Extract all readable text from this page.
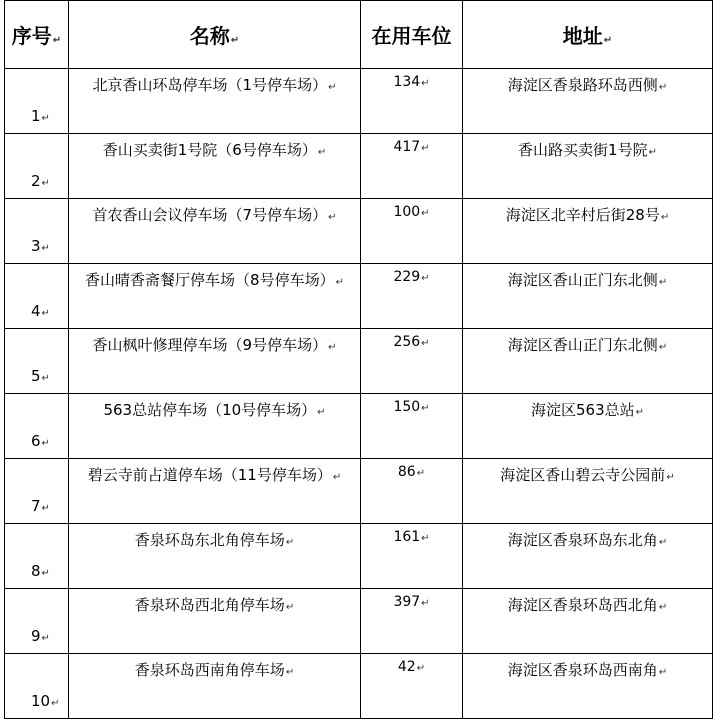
序号↵	名称↵	在用车位	地址↵
1↵	北京香山环岛停车场（1号停车场）↵	134↵	海淀区香泉路环岛西侧↵
2↵	香山买卖街1号院（6号停车场）↵	417↵	香山路买卖街1号院↵
3↵	首农香山会议停车场（7号停车场）↵	100↵	海淀区北辛村后街28号↵
4↵	香山晴香斋餐厅停车场（8号停车场）↵	229↵	海淀区香山正门东北侧↵
5↵	香山枫叶修理停车场（9号停车场）↵	256↵	海淀区香山正门东北侧↵
6↵	563总站停车场（10号停车场）↵	150↵	海淀区563总站↵
7↵	碧云寺前占道停车场（11号停车场）↵	86↵	海淀区香山碧云寺公园前↵
8↵	香泉环岛东北角停车场↵	161↵	海淀区香泉环岛东北角↵
9↵	香泉环岛西北角停车场↵	397↵	海淀区香泉环岛西北角↵
10↵	香泉环岛西南角停车场↵	42↵	海淀区香泉环岛西南角↵
